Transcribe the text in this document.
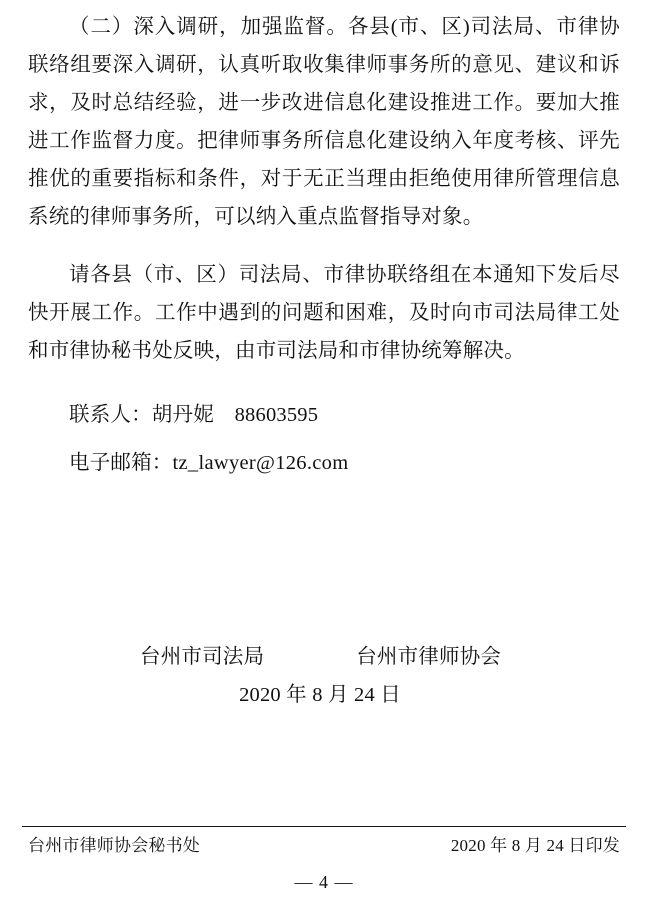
（二）深入调研，加强监督。各县(市、区)司法局、市律协联络组要深入调研，认真听取收集律师事务所的意见、建议和诉求，及时总结经验，进一步改进信息化建设推进工作。要加大推进工作监督力度。把律师事务所信息化建设纳入年度考核、评先推优的重要指标和条件，对于无正当理由拒绝使用律所管理信息系统的律师事务所，可以纳入重点监督指导对象。

请各县（市、区）司法局、市律协联络组在本通知下发后尽快开展工作。工作中遇到的问题和困难，及时向市司法局律工处和市律协秘书处反映，由市司法局和市律协统筹解决。

联系人：胡丹妮　88603595

电子邮箱：tz_lawyer@126.com

台州市司法局	台州市律师协会
2020 年 8 月 24 日
台州市律师协会秘书处	2020 年 8 月 24 日印发
— 4 —
